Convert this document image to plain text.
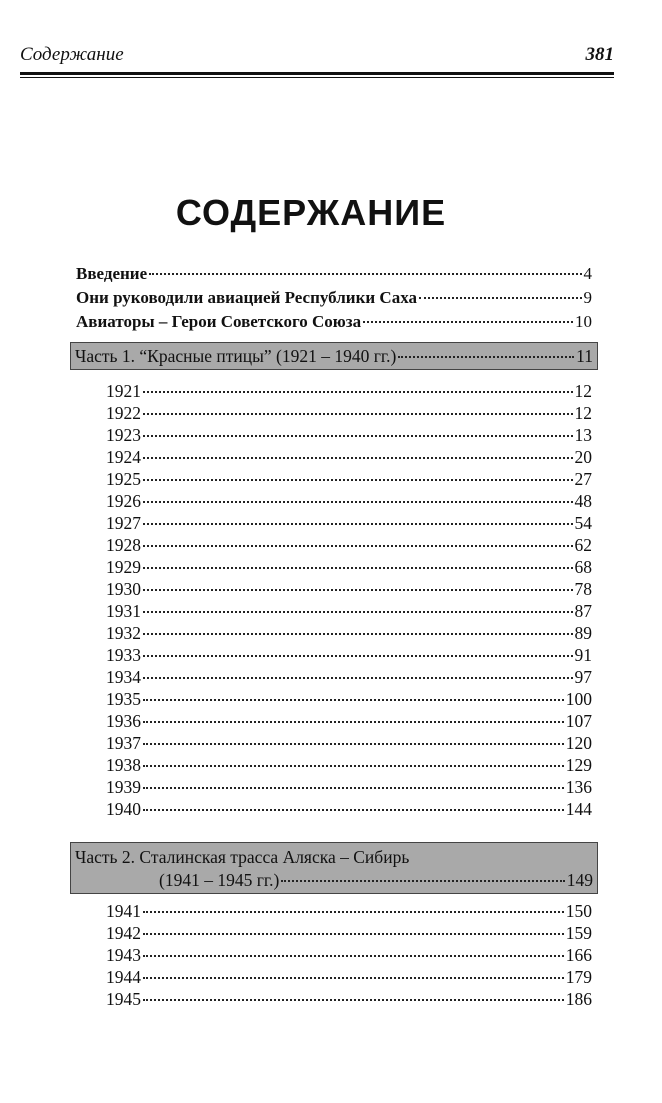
Содержание	381
СОДЕРЖАНИЕ
Введение	4
Они руководили авиацией Республики Саха	9
Авиаторы – Герои Советского Союза	10
Часть 1. “Красные птицы” (1921 – 1940 гг.)	11
1921	12
1922	12
1923	13
1924	20
1925	27
1926	48
1927	54
1928	62
1929	68
1930	78
1931	87
1932	89
1933	91
1934	97
1935	100
1936	107
1937	120
1938	129
1939	136
1940	144
Часть 2. Сталинская трасса Аляска – Сибирь
(1941 – 1945 гг.)	149
1941	150
1942	159
1943	166
1944	179
1945	186
